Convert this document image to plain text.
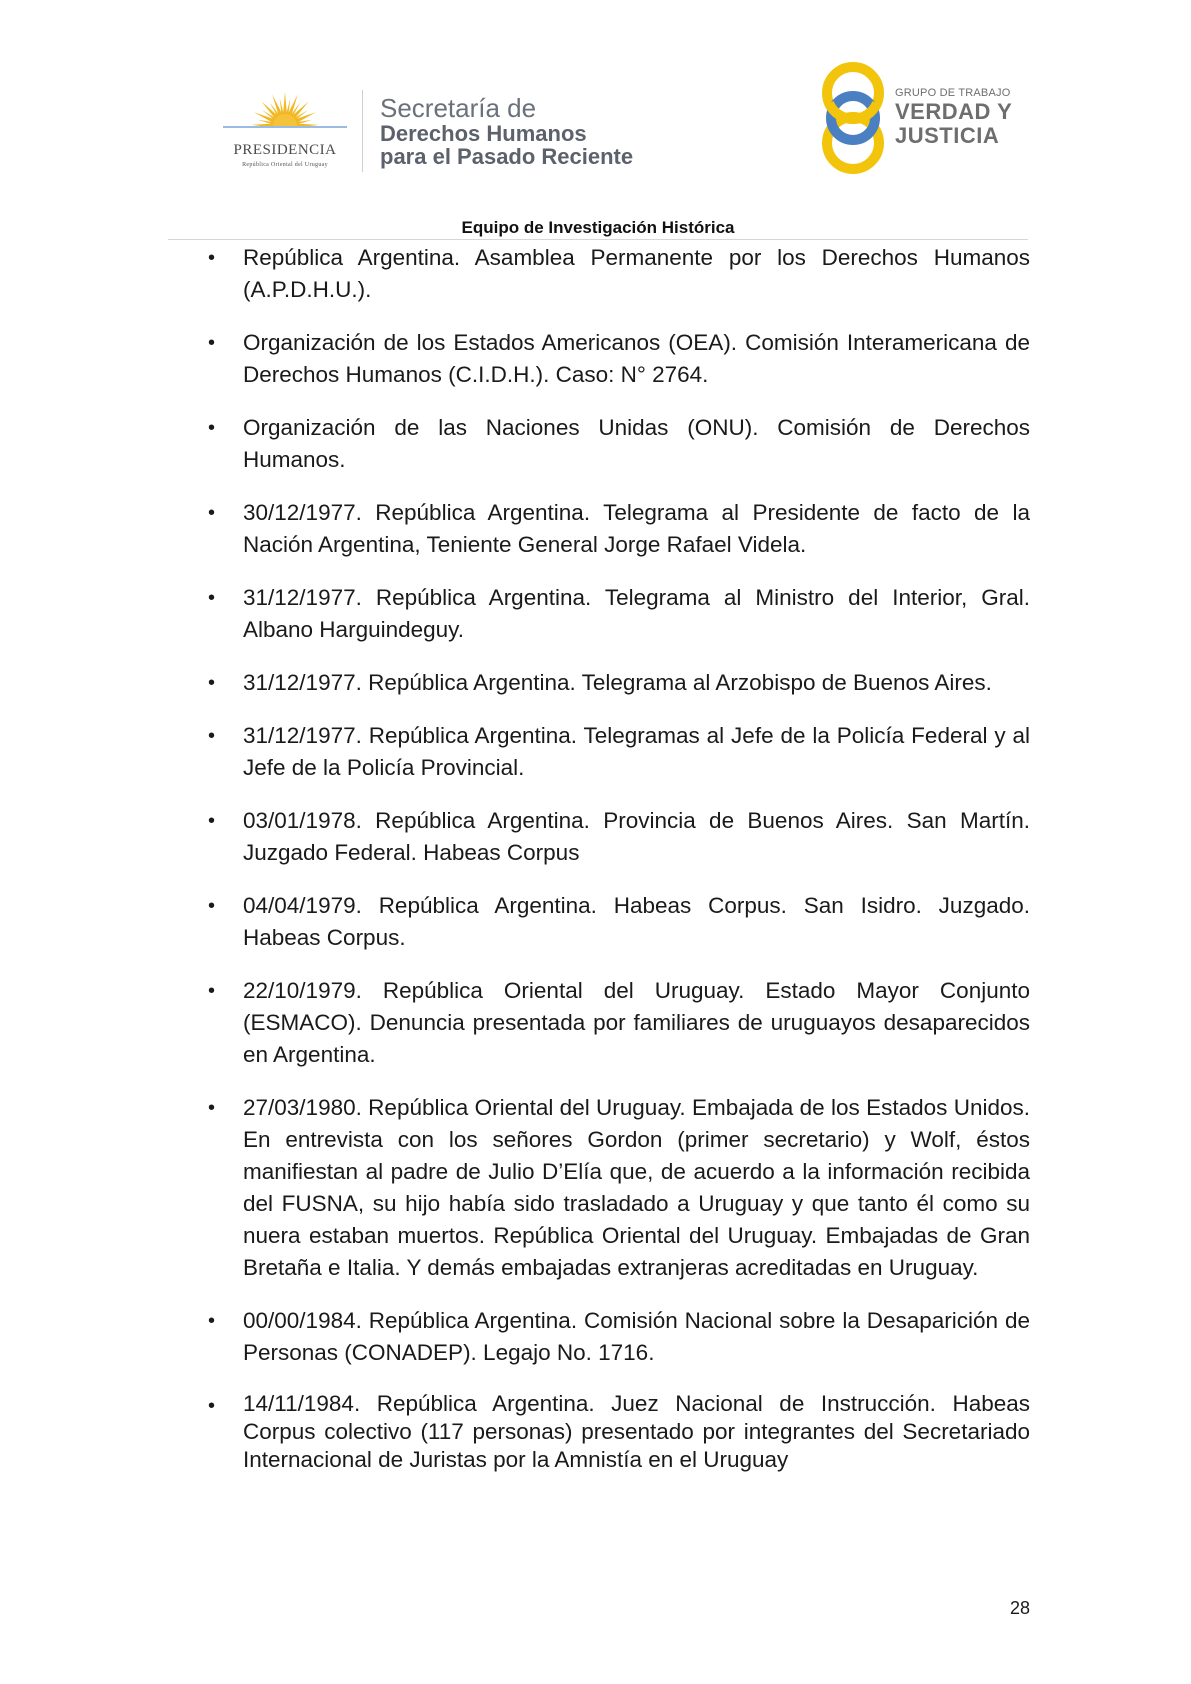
PRESIDENCIA
República Oriental del Uruguay
Secretaría de
Derechos Humanos
para el Pasado Reciente
GRUPO DE TRABAJO
VERDAD Y
JUSTICIA
Equipo de Investigación Histórica
• República Argentina. Asamblea Permanente por los Derechos Humanos (A.P.D.H.U.).
• Organización de los Estados Americanos (OEA). Comisión Interamericana de Derechos Humanos (C.I.D.H.). Caso: N° 2764.
• Organización de las Naciones Unidas (ONU). Comisión de Derechos Humanos.
• 30/12/1977. República Argentina. Telegrama al Presidente de facto de la Nación Argentina, Teniente General Jorge Rafael Videla.
• 31/12/1977. República Argentina. Telegrama al Ministro del Interior, Gral. Albano Harguindeguy.
• 31/12/1977. República Argentina. Telegrama al Arzobispo de Buenos Aires.
• 31/12/1977. República Argentina. Telegramas al Jefe de la Policía Federal y al Jefe de la Policía Provincial.
• 03/01/1978. República Argentina. Provincia de Buenos Aires. San Martín. Juzgado Federal. Habeas Corpus
• 04/04/1979. República Argentina. Habeas Corpus. San Isidro. Juzgado. Habeas Corpus.
• 22/10/1979. República Oriental del Uruguay. Estado Mayor Conjunto (ESMACO). Denuncia presentada por familiares de uruguayos desaparecidos en Argentina.
• 27/03/1980. República Oriental del Uruguay. Embajada de los Estados Unidos. En entrevista con los señores Gordon (primer secretario) y Wolf, éstos manifiestan al padre de Julio D’Elía que, de acuerdo a la información recibida del FUSNA, su hijo había sido trasladado a Uruguay y que tanto él como su nuera estaban muertos. República Oriental del Uruguay. Embajadas de Gran Bretaña e Italia. Y demás embajadas extranjeras acreditadas en Uruguay.
• 00/00/1984. República Argentina. Comisión Nacional sobre la Desaparición de Personas (CONADEP). Legajo No. 1716.
• 14/11/1984. República Argentina. Juez Nacional de Instrucción. Habeas Corpus colectivo (117 personas) presentado por integrantes del Secretariado Internacional de Juristas por la Amnistía en el Uruguay
28
